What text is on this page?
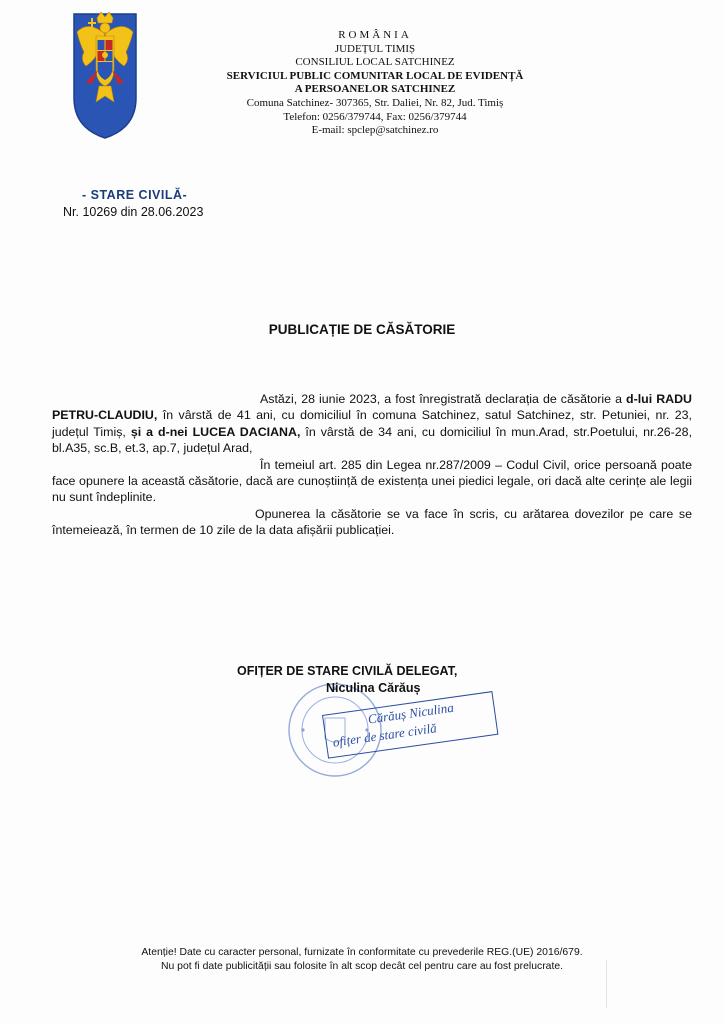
ROMÂNIA
JUDEȚUL TIMIȘ
CONSILIUL LOCAL SATCHINEZ
SERVICIUL PUBLIC COMUNITAR LOCAL DE EVIDENȚĂ
A PERSOANELOR SATCHINEZ
Comuna Satchinez- 307365, Str. Daliei, Nr. 82, Jud. Timiș
Telefon: 0256/379744, Fax: 0256/379744
E-mail: spclep@satchinez.ro
- STARE CIVILĂ-
Nr. 10269 din 28.06.2023
PUBLICAȚIE DE CĂSĂTORIE

Astăzi, 28 iunie 2023, a fost înregistrată declarația de căsătorie a d-lui RADU PETRU-CLAUDIU, în vârstă de 41 ani, cu domiciliul în comuna Satchinez, satul Satchinez, str. Petuniei, nr. 23, județul Timiș, și a d-nei LUCEA DACIANA, în vârstă de 34 ani, cu domiciliul în mun.Arad, str.Poetului, nr.26-28, bl.A35, sc.B, et.3, ap.7, județul Arad,

În temeiul art. 285 din Legea nr.287/2009 – Codul Civil, orice persoană poate face opunere la această căsătorie, dacă are cunoștiință de existența unei piedici legale, ori dacă alte cerințe ale legii nu sunt îndeplinite.

Opunerea la căsătorie se va face în scris, cu arătarea dovezilor pe care se întemeiează, în termen de 10 zile de la data afișării publicației.

OFIȚER DE STARE CIVILĂ DELEGAT,
Niculina Cărăuș
Cărăuș Niculina
ofițer de stare civilă
Atenție! Date cu caracter personal, furnizate în conformitate cu prevederile REG.(UE) 2016/679.
Nu pot fi date publicității sau folosite în alt scop decât cel pentru care au fost prelucrate.
